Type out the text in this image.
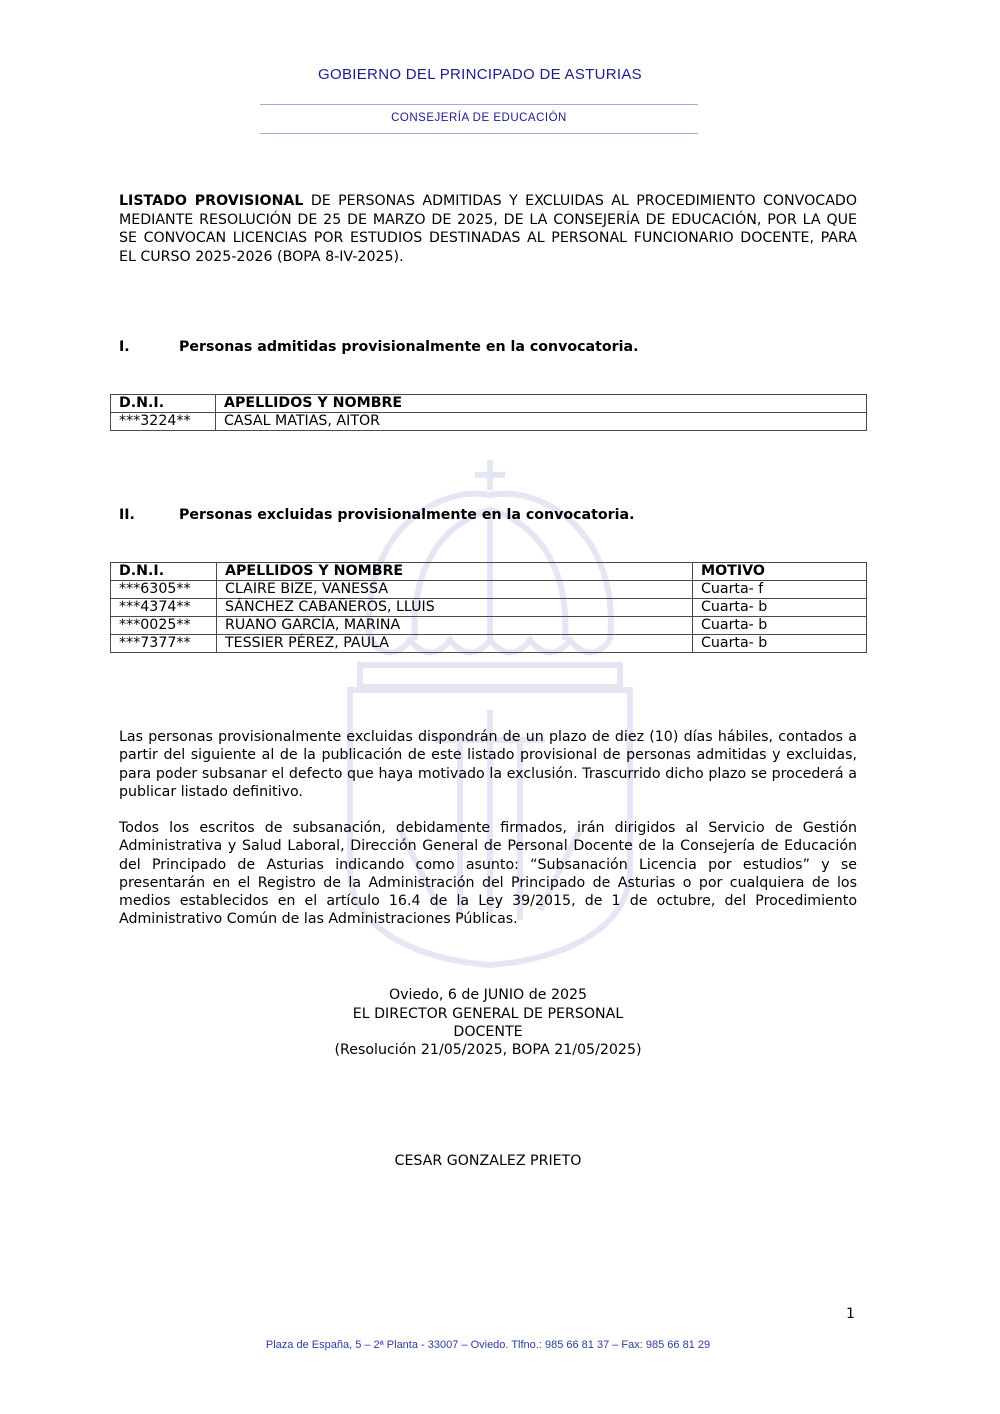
GOBIERNO DEL PRINCIPADO DE ASTURIAS
CONSEJERÍA DE EDUCACIÓN
LISTADO PROVISIONAL DE PERSONAS ADMITIDAS Y EXCLUIDAS AL PROCEDIMIENTO CONVOCADO MEDIANTE RESOLUCIÓN DE 25 DE MARZO DE 2025, DE LA CONSEJERÍA DE EDUCACIÓN, POR LA QUE SE CONVOCAN LICENCIAS POR ESTUDIOS DESTINADAS AL PERSONAL FUNCIONARIO DOCENTE, PARA EL CURSO 2025-2026 (BOPA 8-IV-2025).
I.	Personas admitidas provisionalmente en la convocatoria.
D.N.I.	APELLIDOS Y NOMBRE
***3224**	CASAL MATIAS, AITOR
II.	Personas excluidas provisionalmente en la convocatoria.
D.N.I.	APELLIDOS Y NOMBRE	MOTIVO
***6305**	CLAIRE BIZE, VANESSA	Cuarta- f
***4374**	SÁNCHEZ CABAÑEROS, LLUIS	Cuarta- b
***0025**	RUANO GARCÍA, MARINA	Cuarta- b
***7377**	TESSIER PÉREZ, PAULA	Cuarta- b
Las personas provisionalmente excluidas dispondrán de un plazo de diez (10) días hábiles, contados a partir del siguiente al de la publicación de este listado provisional de personas admitidas y excluidas, para poder subsanar el defecto que haya motivado la exclusión. Trascurrido dicho plazo se procederá a publicar listado definitivo.
Todos los escritos de subsanación, debidamente firmados, irán dirigidos al Servicio de Gestión Administrativa y Salud Laboral, Dirección General de Personal Docente de la Consejería de Educación del Principado de Asturias indicando como asunto: “Subsanación Licencia por estudios” y se presentarán en el Registro de la Administración del Principado de Asturias o por cualquiera de los medios establecidos en el artículo 16.4 de la Ley 39/2015, de 1 de octubre, del Procedimiento Administrativo Común de las Administraciones Públicas.
Oviedo, 6 de JUNIO de 2025
EL DIRECTOR GENERAL DE PERSONAL
DOCENTE
(Resolución 21/05/2025, BOPA 21/05/2025)
CESAR GONZALEZ PRIETO
1
Plaza de España, 5 – 2ª Planta - 33007 – Oviedo. Tlfno.: 985 66 81 37 – Fax: 985 66 81 29
